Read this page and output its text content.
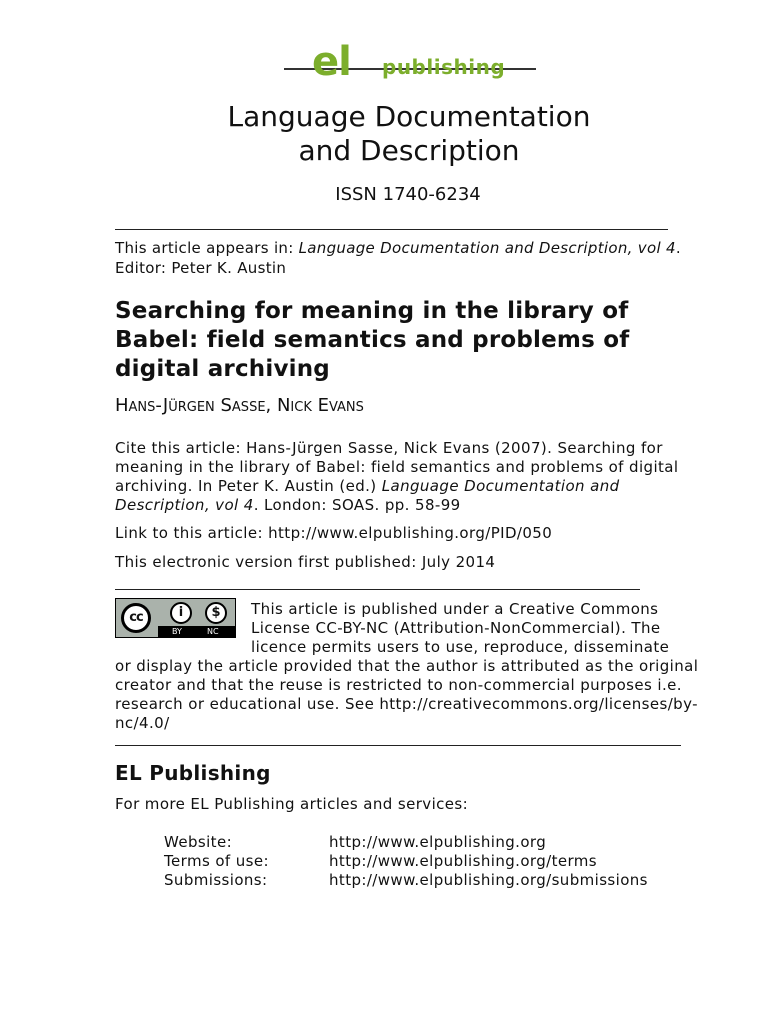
el publishing
Language Documentation
and Description
ISSN 1740-6234
This article appears in: Language Documentation and Description, vol 4. Editor: Peter K. Austin
Searching for meaning in the library of Babel: field semantics and problems of digital archiving
Hans-Jürgen Sasse, Nick Evans
Cite this article: Hans-Jürgen Sasse, Nick Evans (2007). Searching for meaning in the library of Babel: field semantics and problems of digital archiving. In Peter K. Austin (ed.) Language Documentation and Description, vol 4. London: SOAS. pp. 58-99
Link to this article: http://www.elpublishing.org/PID/050
This electronic version first published: July 2014
This article is published under a Creative Commons
License CC-BY-NC (Attribution-NonCommercial). The
licence permits users to use, reproduce, disseminate
or display the article provided that the author is attributed as the original creator and that the reuse is restricted to non-commercial purposes i.e. research or educational use. See http://creativecommons.org/licenses/by-nc/4.0/
cc	i	$
BY	NC
EL Publishing
For more EL Publishing articles and services:
Website:	http://www.elpublishing.org
Terms of use:	http://www.elpublishing.org/terms
Submissions:	http://www.elpublishing.org/submissions
